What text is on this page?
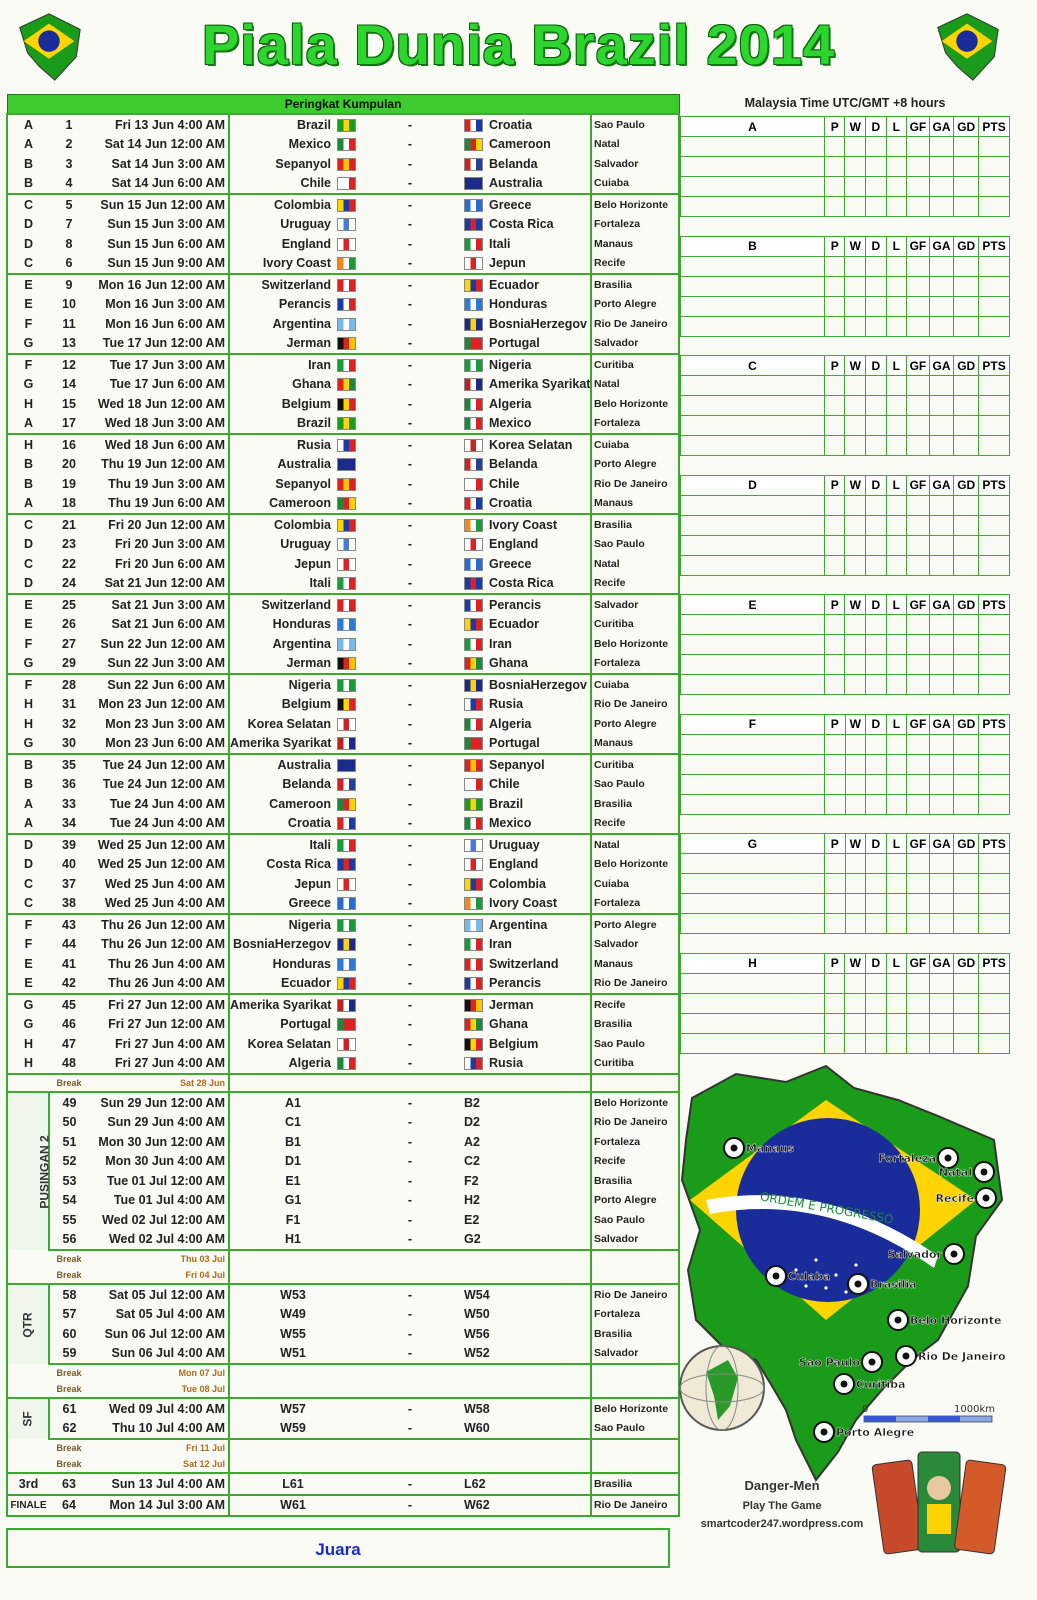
Piala Dunia Brazil 2014
Peringkat Kumpulan								
A	1	Fri 13 Jun 4:00 AM	Brazil		-		Croatia	Sao Paulo
A	2	Sat 14 Jun 12:00 AM	Mexico		-		Cameroon	Natal
B	3	Sat 14 Jun 3:00 AM	Sepanyol		-		Belanda	Salvador
B	4	Sat 14 Jun 6:00 AM	Chile		-		Australia	Cuiaba
C	5	Sun 15 Jun 12:00 AM	Colombia		-		Greece	Belo Horizonte
D	7	Sun 15 Jun 3:00 AM	Uruguay		-		Costa Rica	Fortaleza
D	8	Sun 15 Jun 6:00 AM	England		-		Itali	Manaus
C	6	Sun 15 Jun 9:00 AM	Ivory Coast		-		Jepun	Recife
E	9	Mon 16 Jun 12:00 AM	Switzerland		-		Ecuador	Brasilia
E	10	Mon 16 Jun 3:00 AM	Perancis		-		Honduras	Porto Alegre
F	11	Mon 16 Jun 6:00 AM	Argentina		-		BosniaHerzegov	Rio De Janeiro
G	13	Tue 17 Jun 12:00 AM	Jerman		-		Portugal	Salvador
F	12	Tue 17 Jun 3:00 AM	Iran		-		Nigeria	Curitiba
G	14	Tue 17 Jun 6:00 AM	Ghana		-		Amerika Syarikat	Natal
H	15	Wed 18 Jun 12:00 AM	Belgium		-		Algeria	Belo Horizonte
A	17	Wed 18 Jun 3:00 AM	Brazil		-		Mexico	Fortaleza
H	16	Wed 18 Jun 6:00 AM	Rusia		-		Korea Selatan	Cuiaba
B	20	Thu 19 Jun 12:00 AM	Australia		-		Belanda	Porto Alegre
B	19	Thu 19 Jun 3:00 AM	Sepanyol		-		Chile	Rio De Janeiro
A	18	Thu 19 Jun 6:00 AM	Cameroon		-		Croatia	Manaus
C	21	Fri 20 Jun 12:00 AM	Colombia		-		Ivory Coast	Brasilia
D	23	Fri 20 Jun 3:00 AM	Uruguay		-		England	Sao Paulo
C	22	Fri 20 Jun 6:00 AM	Jepun		-		Greece	Natal
D	24	Sat 21 Jun 12:00 AM	Itali		-		Costa Rica	Recife
E	25	Sat 21 Jun 3:00 AM	Switzerland		-		Perancis	Salvador
E	26	Sat 21 Jun 6:00 AM	Honduras		-		Ecuador	Curitiba
F	27	Sun 22 Jun 12:00 AM	Argentina		-		Iran	Belo Horizonte
G	29	Sun 22 Jun 3:00 AM	Jerman		-		Ghana	Fortaleza
F	28	Sun 22 Jun 6:00 AM	Nigeria		-		BosniaHerzegov	Cuiaba
H	31	Mon 23 Jun 12:00 AM	Belgium		-		Rusia	Rio De Janeiro
H	32	Mon 23 Jun 3:00 AM	Korea Selatan		-		Algeria	Porto Alegre
G	30	Mon 23 Jun 6:00 AM	Amerika Syarikat		-		Portugal	Manaus
B	35	Tue 24 Jun 12:00 AM	Australia		-		Sepanyol	Curitiba
B	36	Tue 24 Jun 12:00 AM	Belanda		-		Chile	Sao Paulo
A	33	Tue 24 Jun 4:00 AM	Cameroon		-		Brazil	Brasilia
A	34	Tue 24 Jun 4:00 AM	Croatia		-		Mexico	Recife
D	39	Wed 25 Jun 12:00 AM	Itali		-		Uruguay	Natal
D	40	Wed 25 Jun 12:00 AM	Costa Rica		-		England	Belo Horizonte
C	37	Wed 25 Jun 4:00 AM	Jepun		-		Colombia	Cuiaba
C	38	Wed 25 Jun 4:00 AM	Greece		-		Ivory Coast	Fortaleza
F	43	Thu 26 Jun 12:00 AM	Nigeria		-		Argentina	Porto Alegre
F	44	Thu 26 Jun 12:00 AM	BosniaHerzegov		-		Iran	Salvador
E	41	Thu 26 Jun 4:00 AM	Honduras		-		Switzerland	Manaus
E	42	Thu 26 Jun 4:00 AM	Ecuador		-		Perancis	Rio De Janeiro
G	45	Fri 27 Jun 12:00 AM	Amerika Syarikat		-		Jerman	Recife
G	46	Fri 27 Jun 12:00 AM	Portugal		-		Ghana	Brasilia
H	47	Fri 27 Jun 4:00 AM	Korea Selatan		-		Belgium	Sao Paulo
H	48	Fri 27 Jun 4:00 AM	Algeria		-		Rusia	Curitiba
	Break	Sat 28 Jun						
PUSINGAN 2	49	Sun 29 Jun 12:00 AM	A1		-	B2		Belo Horizonte
	50	Sun 29 Jun 4:00 AM	C1		-	D2		Rio De Janeiro
	51	Mon 30 Jun 12:00 AM	B1		-	A2		Fortaleza
	52	Mon 30 Jun 4:00 AM	D1		-	C2		Recife
	53	Tue 01 Jul 12:00 AM	E1		-	F2		Brasilia
	54	Tue 01 Jul 4:00 AM	G1		-	H2		Porto Alegre
	55	Wed 02 Jul 12:00 AM	F1		-	E2		Sao Paulo
	56	Wed 02 Jul 4:00 AM	H1		-	G2		Salvador
	Break	Thu 03 Jul						
	Break	Fri 04 Jul						
QTR	58	Sat 05 Jul 12:00 AM	W53		-	W54		Rio De Janeiro
	57	Sat 05 Jul 4:00 AM	W49		-	W50		Fortaleza
	60	Sun 06 Jul 12:00 AM	W55		-	W56		Brasilia
	59	Sun 06 Jul 4:00 AM	W51		-	W52		Salvador
	Break	Mon 07 Jul						
	Break	Tue 08 Jul						
SF	61	Wed 09 Jul 4:00 AM	W57		-	W58		Belo Horizonte
	62	Thu 10 Jul 4:00 AM	W59		-	W60		Sao Paulo
	Break	Fri 11 Jul						
	Break	Sat 12 Jul						
3rd	63	Sun 13 Jul 4:00 AM	L61		-	L62		Brasilia
FINALE	64	Mon 14 Jul 3:00 AM	W61		-	W62		Rio De Janeiro
Juara
Malaysia Time UTC/GMT +8 hours
A	P	W	D	L	GF	GA	GD	PTS

B	P	W	D	L	GF	GA	GD	PTS

C	P	W	D	L	GF	GA	GD	PTS

D	P	W	D	L	GF	GA	GD	PTS

E	P	W	D	L	GF	GA	GD	PTS

F	P	W	D	L	GF	GA	GD	PTS

G	P	W	D	L	GF	GA	GD	PTS

H	P	W	D	L	GF	GA	GD	PTS

ORDEM E PROGRESSO
Manaus
Fortaleza
Natal
Recife
Salvador
Culaba
Brasilia
Belo Horizonte
Sao Paulo	Rio De Janeiro
Curitiba
Porto Alegre
0	1000km
Danger-Men
Play The Game
smartcoder247.wordpress.com
